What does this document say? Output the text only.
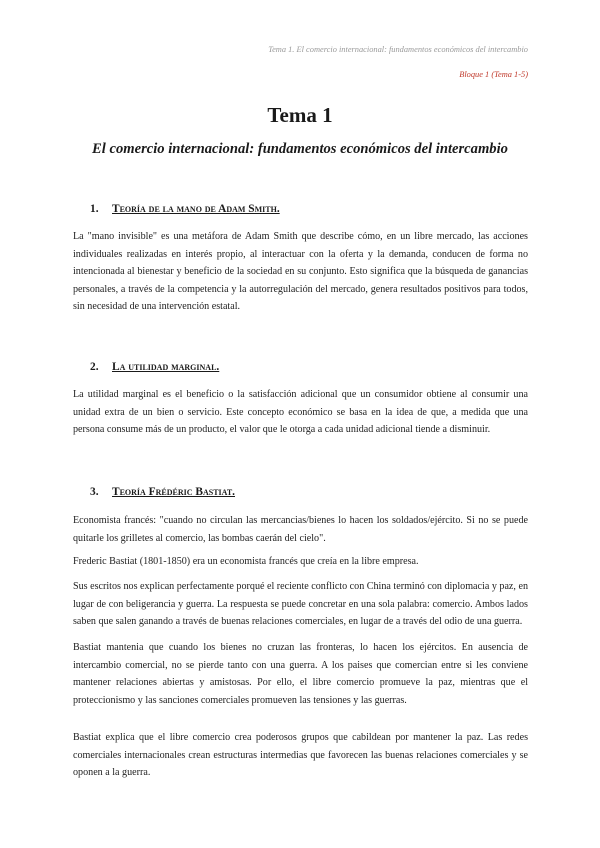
Tema 1. El comercio internacional: fundamentos económicos del intercambio
Bloque 1 (Tema 1-5)
Tema 1
El comercio internacional: fundamentos económicos del intercambio
1. Teoría de la mano de Adam Smith.

La "mano invisible" es una metáfora de Adam Smith que describe cómo, en un libre mercado, las acciones individuales realizadas en interés propio, al interactuar con la oferta y la demanda, conducen de forma no intencionada al bienestar y beneficio de la sociedad en su conjunto. Esto significa que la búsqueda de ganancias personales, a través de la competencia y la autorregulación del mercado, genera resultados positivos para todos, sin necesidad de una intervención estatal.

2. La utilidad marginal.

La utilidad marginal es el beneficio o la satisfacción adicional que un consumidor obtiene al consumir una unidad extra de un bien o servicio. Este concepto económico se basa en la idea de que, a medida que una persona consume más de un producto, el valor que le otorga a cada unidad adicional tiende a disminuir.

3. Teoría Frédéric Bastiat.

Economista francés: "cuando no circulan las mercancias/bienes lo hacen los soldados/ejército. Si no se puede quitarle los grilletes al comercio, las bombas caerán del cielo".

Frederic Bastiat (1801-1850) era un economista francés que creía en la libre empresa.

Sus escritos nos explican perfectamente porqué el reciente conflicto con China terminó con diplomacia y paz, en lugar de con beligerancia y guerra. La respuesta se puede concretar en una sola palabra: comercio. Ambos lados saben que salen ganando a través de buenas relaciones comerciales, en lugar de a través del odio de una guerra.

Bastiat mantenia que cuando los bienes no cruzan las fronteras, lo hacen los ejércitos. En ausencia de intercambio comercial, no se pierde tanto con una guerra. A los paises que comercian entre si les conviene mantener relaciones abiertas y amistosas. Por ello, el libre comercio promueve la paz, mientras que el proteccionismo y las sanciones comerciales promueven las tensiones y las guerras.

Bastiat explica que el libre comercio crea poderosos grupos que cabildean por mantener la paz. Las redes comerciales internacionales crean estructuras intermedias que favorecen las buenas relaciones comerciales y se oponen a la guerra.
